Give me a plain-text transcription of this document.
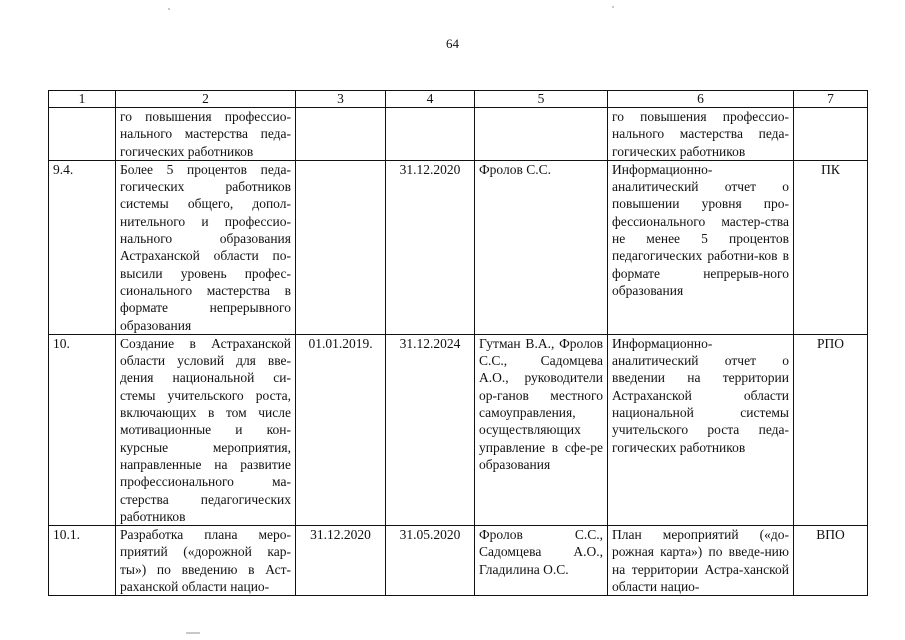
64
1	2	3	4	5	6	7
	го повышения профессио-нального мастерства педа-гогических работников				го повышения профессио-нального мастерства педа-гогических работников	
9.4.	Более 5 процентов педа-гогических работников системы общего, допол-нительного и профессио-нального образования Астраханской области по-высили уровень профес-сионального мастерства в формате непрерывного образования		31.12.2020	Фролов С.С.	Информационно-аналитический отчет о повышении уровня про-фессионального мастер-ства не менее 5 процентов педагогических работни-ков в формате непрерыв-ного образования	ПК
10.	Создание в Астраханской области условий для вве-дения национальной си-стемы учительского роста, включающих в том числе мотивационные и кон-курсные мероприятия, направленные на развитие профессионального ма-стерства педагогических работников	01.01.2019.	31.12.2024	Гутман В.А., Фролов С.С., Садомцева А.О., руководители ор-ганов местного самоуправления, осуществляющих управление в сфе-ре образования	Информационно-аналитический отчет о введении на территории Астраханской области национальной системы учительского роста педа-гогических работников	РПО
10.1.	Разработка плана меро-приятий («дорожной кар-ты») по введению в Аст-раханской области нацио-	31.12.2020	31.05.2020	Фролов С.С., Садомцева А.О., Гладилина О.С.	План мероприятий («до-рожная карта») по введе-нию на территории Астра-ханской области нацио-	ВПО
